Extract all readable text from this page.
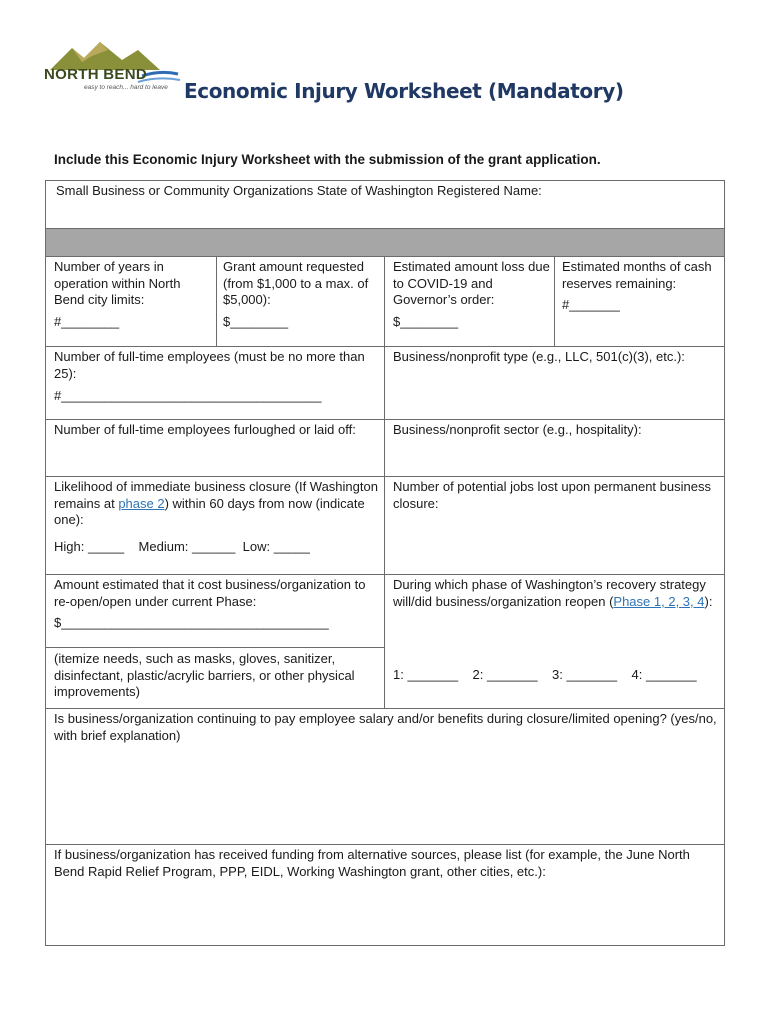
NORTH BEND
easy to reach... hard to leave Economic Injury Worksheet (Mandatory)
Include this Economic Injury Worksheet with the submission of the grant application.
Small Business or Community Organizations State of Washington Registered Name:
Number of years in operation within North Bend city limits:
#________
Grant amount requested (from $1,000 to a max. of $5,000):
$________
Estimated amount loss due to COVID-19 and Governor’s order:
$________
Estimated months of cash reserves remaining:
#_______
Number of full-time employees (must be no more than 25):
#____________________________________
Business/nonprofit type (e.g., LLC, 501(c)(3), etc.):
Number of full-time employees furloughed or laid off:	Business/nonprofit sector (e.g., hospitality):
Likelihood of immediate business closure (If Washington remains at phase 2) within 60 days from now (indicate one):
High: _____    Medium: ______  Low: _____
Number of potential jobs lost upon permanent business closure:
Amount estimated that it cost business/organization to re-open/open under current Phase:
$_____________________________________
(itemize needs, such as masks, gloves, sanitizer, disinfectant, plastic/acrylic barriers, or other physical improvements)
During which phase of Washington’s recovery strategy will/did business/organization reopen (Phase 1, 2, 3, 4):
1: _______    2: _______    3: _______    4: _______
Is business/organization continuing to pay employee salary and/or benefits during closure/limited opening? (yes/no, with brief explanation)
If business/organization has received funding from alternative sources, please list (for example, the June North Bend Rapid Relief Program, PPP, EIDL, Working Washington grant, other cities, etc.):
